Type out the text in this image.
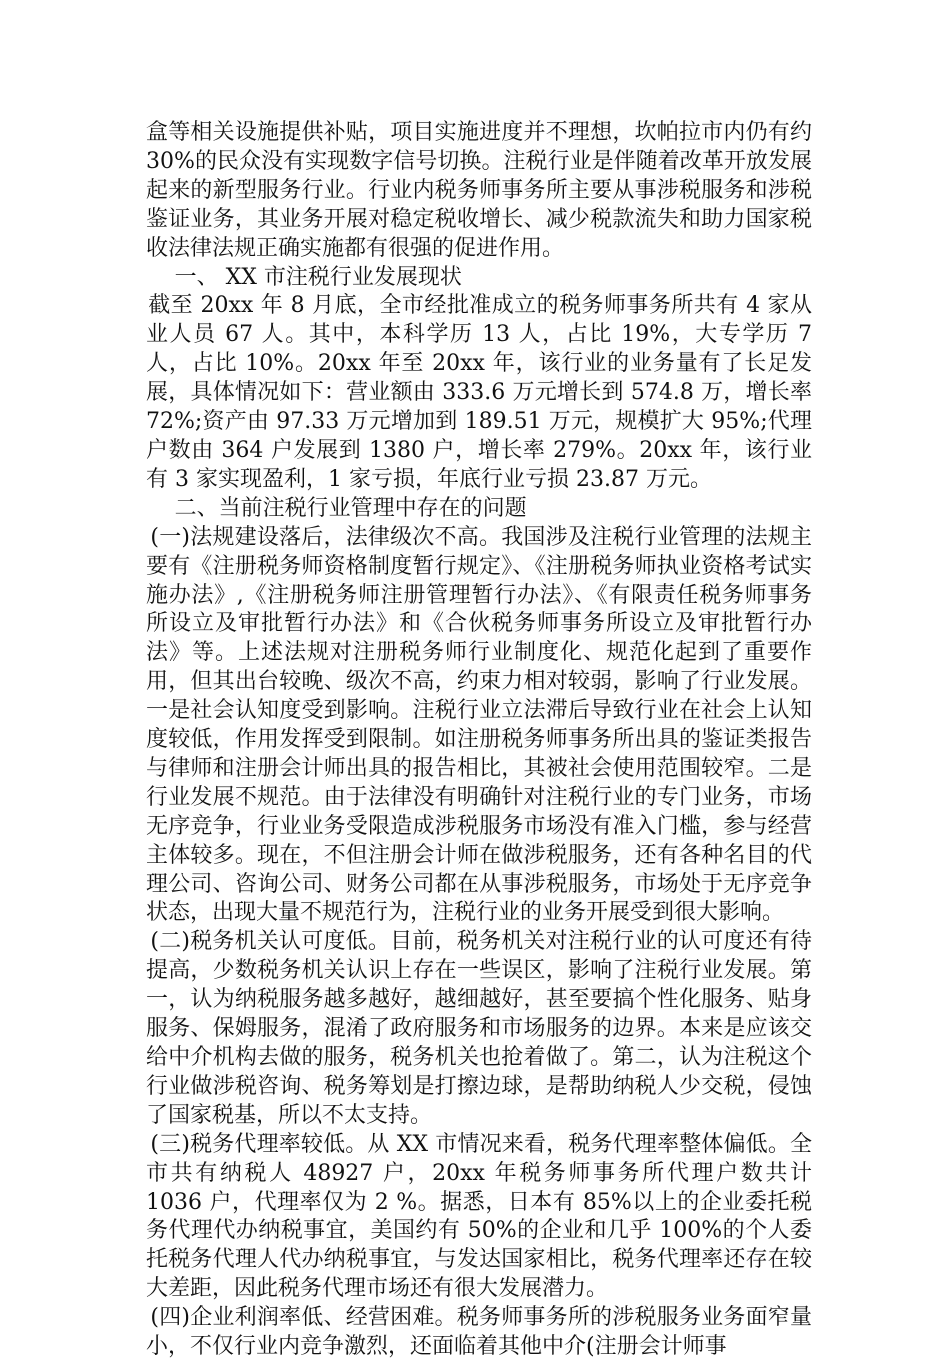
盒等相关设施提供补贴，项目实施进度并不理想，坎帕拉市内仍有约 30%的民众没有实现数字信号切换。注税行业是伴随着改革开放发展起来的新型服务行业。行业内税务师事务所主要从事涉税服务和涉税鉴证业务，其业务开展对稳定税收增长、减少税款流失和助力国家税收法律法规正确实施都有很强的促进作用。

一、 XX 市注税行业发展现状

截至 20xx 年 8 月底，全市经批准成立的税务师事务所共有 4 家从业人员 67 人。其中，本科学历 13 人，占比 19%，大专学历 7 人，占比 10%。20xx 年至 20xx 年，该行业的业务量有了长足发展，具体情况如下：营业额由 333.6 万元增长到 574.8 万，增长率 72%;资产由 97.33 万元增加到 189.51 万元，规模扩大 95%;代理户数由 364 户发展到 1380 户，增长率 279%。20xx 年，该行业有 3 家实现盈利，1 家亏损，年底行业亏损 23.87 万元。

二、当前注税行业管理中存在的问题

(一)法规建设落后，法律级次不高。我国涉及注税行业管理的法规主要有《注册税务师资格制度暂行规定》、《注册税务师执业资格考试实施办法》,《注册税务师注册管理暂行办法》、《有限责任税务师事务所设立及审批暂行办法》和《合伙税务师事务所设立及审批暂行办法》等。上述法规对注册税务师行业制度化、规范化起到了重要作用，但其出台较晚、级次不高，约束力相对较弱，影响了行业发展。一是社会认知度受到影响。注税行业立法滞后导致行业在社会上认知度较低，作用发挥受到限制。如注册税务师事务所出具的鉴证类报告与律师和注册会计师出具的报告相比，其被社会使用范围较窄。二是行业发展不规范。由于法律没有明确针对注税行业的专门业务，市场无序竞争，行业业务受限造成涉税服务市场没有准入门槛，参与经营主体较多。现在，不但注册会计师在做涉税服务，还有各种名目的代理公司、咨询公司、财务公司都在从事涉税服务，市场处于无序竞争状态，出现大量不规范行为，注税行业的业务开展受到很大影响。

(二)税务机关认可度低。目前，税务机关对注税行业的认可度还有待提高，少数税务机关认识上存在一些误区，影响了注税行业发展。第一，认为纳税服务越多越好，越细越好，甚至要搞个性化服务、贴身服务、保姆服务，混淆了政府服务和市场服务的边界。本来是应该交给中介机构去做的服务，税务机关也抢着做了。第二，认为注税这个行业做涉税咨询、税务筹划是打擦边球，是帮助纳税人少交税，侵蚀了国家税基，所以不太支持。

(三)税务代理率较低。从 XX 市情况来看，税务代理率整体偏低。全市共有纳税人 48927 户，20xx 年税务师事务所代理户数共计 1036 户，代理率仅为 2 %。据悉，日本有 85%以上的企业委托税务代理代办纳税事宜，美国约有 50%的企业和几乎 100%的个人委托税务代理人代办纳税事宜，与发达国家相比，税务代理率还存在较大差距，因此税务代理市场还有很大发展潜力。

(四)企业利润率低、经营困难。税务师事务所的涉税服务业务面窄量小，不仅行业内竞争激烈，还面临着其他中介(注册会计师事
